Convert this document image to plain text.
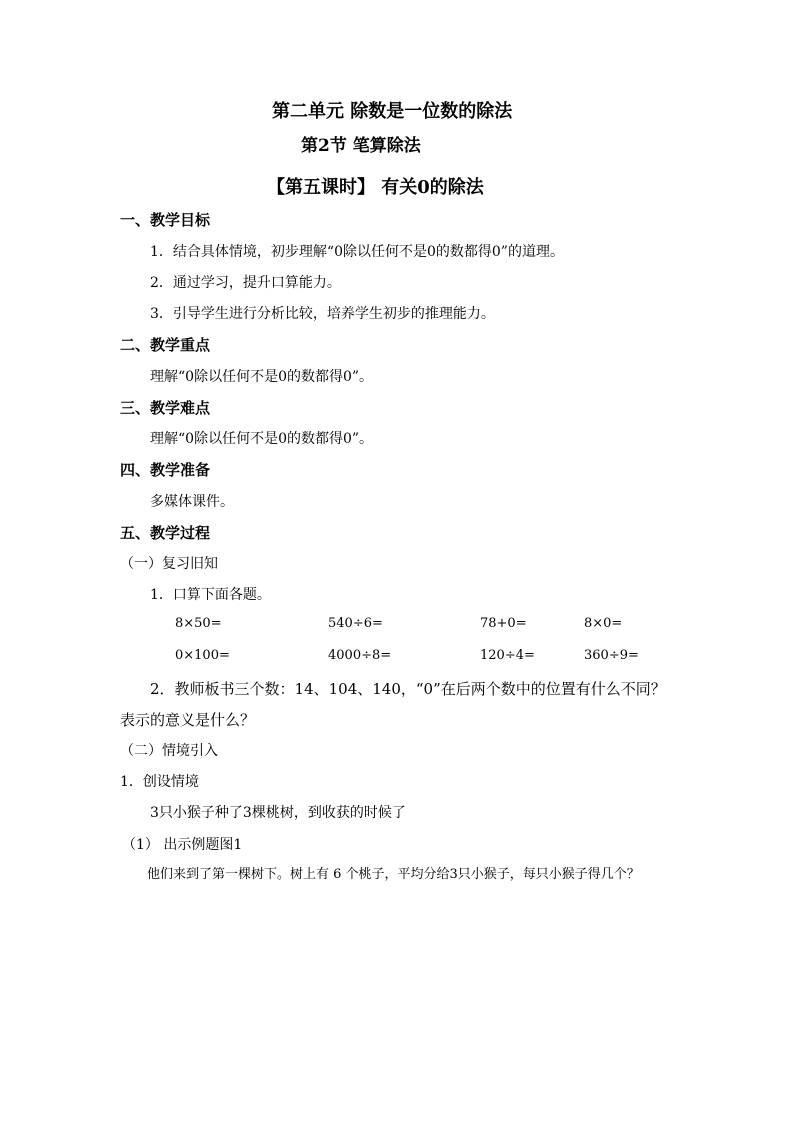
第二单元 除数是一位数的除法
第2节 笔算除法
【第五课时】 有关0的除法
一、教学目标
1．结合具体情境，初步理解“0除以任何不是0的数都得0”的道理。
2．通过学习，提升口算能力。
3．引导学生进行分析比较，培养学生初步的推理能力。
二、教学重点
理解“0除以任何不是0的数都得0”。
三、教学难点
理解“0除以任何不是0的数都得0”。
四、教学准备
多媒体课件。
五、教学过程
（一）复习旧知
1．口算下面各题。
8×50=	540÷6=	78+0=	8×0=
0×100=	4000÷8=	120÷4=	360÷9=
2．教师板书三个数：14、104、140，“0”在后两个数中的位置有什么不同？
表示的意义是什么？
（二）情境引入
1．创设情境
3只小猴子种了3棵桃树，到收获的时候了
（1） 出示例题图1
他们来到了第一棵树下。树上有 6 个桃子，平均分给3只小猴子，每只小猴子得几个？
